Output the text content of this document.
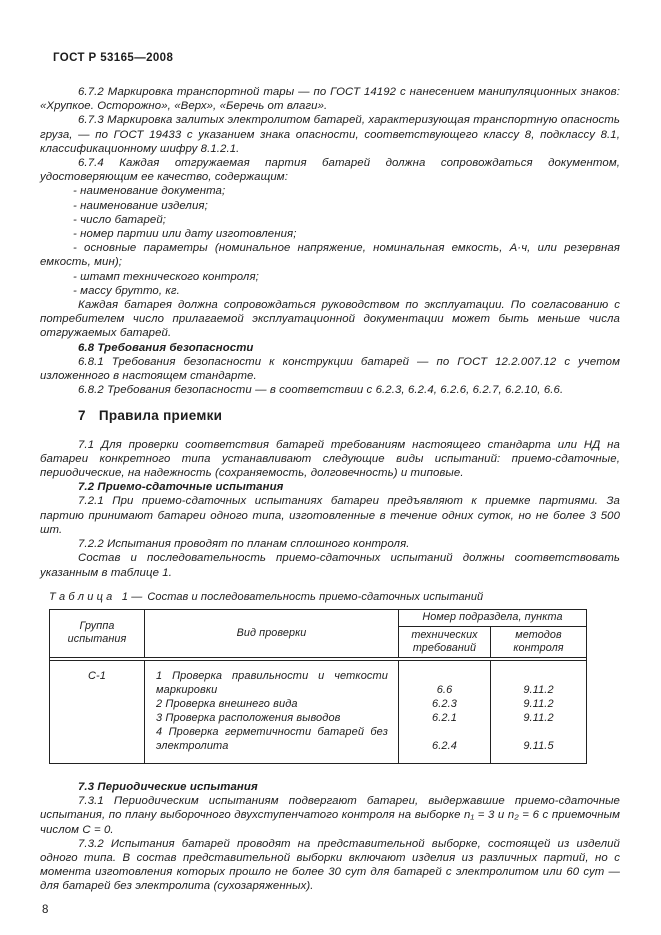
ГОСТ Р 53165—2008

6.7.2 Маркировка транспортной тары — по ГОСТ 14192 с нанесением манипуляционных знаков: «Хрупкое. Осторожно», «Верх», «Беречь от влаги».

6.7.3 Маркировка залитых электролитом батарей, характеризующая транспортную опасность груза, — по ГОСТ 19433 с указанием знака опасности, соответствующего классу 8, подклассу 8.1, классификационному шифру 8.1.2.1.

6.7.4 Каждая отгружаемая партия батарей должна сопровождаться документом, удостоверяющим ее качество, содержащим:

- наименование документа;

- наименование изделия;

- число батарей;

- номер партии или дату изготовления;

- основные параметры (номинальное напряжение, номинальная емкость, А·ч, или резервная емкость, мин);

- штамп технического контроля;

- массу брутто, кг.

Каждая батарея должна сопровождаться руководством по эксплуатации. По согласованию с потребителем число прилагаемой эксплуатационной документации может быть меньше числа отгружаемых батарей.

6.8 Требования безопасности

6.8.1 Требования безопасности к конструкции батарей — по ГОСТ 12.2.007.12 с учетом изложенного в настоящем стандарте.

6.8.2 Требования безопасности — в соответствии с 6.2.3, 6.2.4, 6.2.6, 6.2.7, 6.2.10, 6.6.

7 Правила приемки

7.1 Для проверки соответствия батарей требованиям настоящего стандарта или НД на батареи конкретного типа устанавливают следующие виды испытаний: приемо-сдаточные, периодические, на надежность (сохраняемость, долговечность) и типовые.

7.2 Приемо-сдаточные испытания

7.2.1 При приемо-сдаточных испытаниях батареи предъявляют к приемке партиями. За партию принимают батареи одного типа, изготовленные в течение одних суток, но не более 3 500 шт.

7.2.2 Испытания проводят по планам сплошного контроля.

Состав и последовательность приемо-сдаточных испытаний должны соответствовать указанным в таблице 1.

Т а б л и ц а   1 — Состав и последовательность приемо-сдаточных испытаний

Группа испытания
Вид проверки
Номер подраздела, пункта
технических требований
методов контроля
С-1	1 Проверка правильности и четкости маркировки
2 Проверка внешнего вида
3 Проверка расположения выводов
4 Проверка герметичности батарей без электролита
6.6
6.2.3
6.2.1
6.2.4
9.11.2
9.11.2
9.11.2
9.11.5

7.3 Периодические испытания

7.3.1 Периодическим испытаниям подвергают батареи, выдержавшие приемо-сдаточные испытания, по плану выборочного двухступенчатого контроля на выборке n₁ = 3 и n₂ = 6 с приемочным числом С = 0.

7.3.2 Испытания батарей проводят на представительной выборке, состоящей из изделий одного типа. В состав представительной выборки включают изделия из различных партий, но с момента изготовления которых прошло не более 30 сут для батарей с электролитом или 60 сут — для батарей без электролита (сухозаряженных).

8
